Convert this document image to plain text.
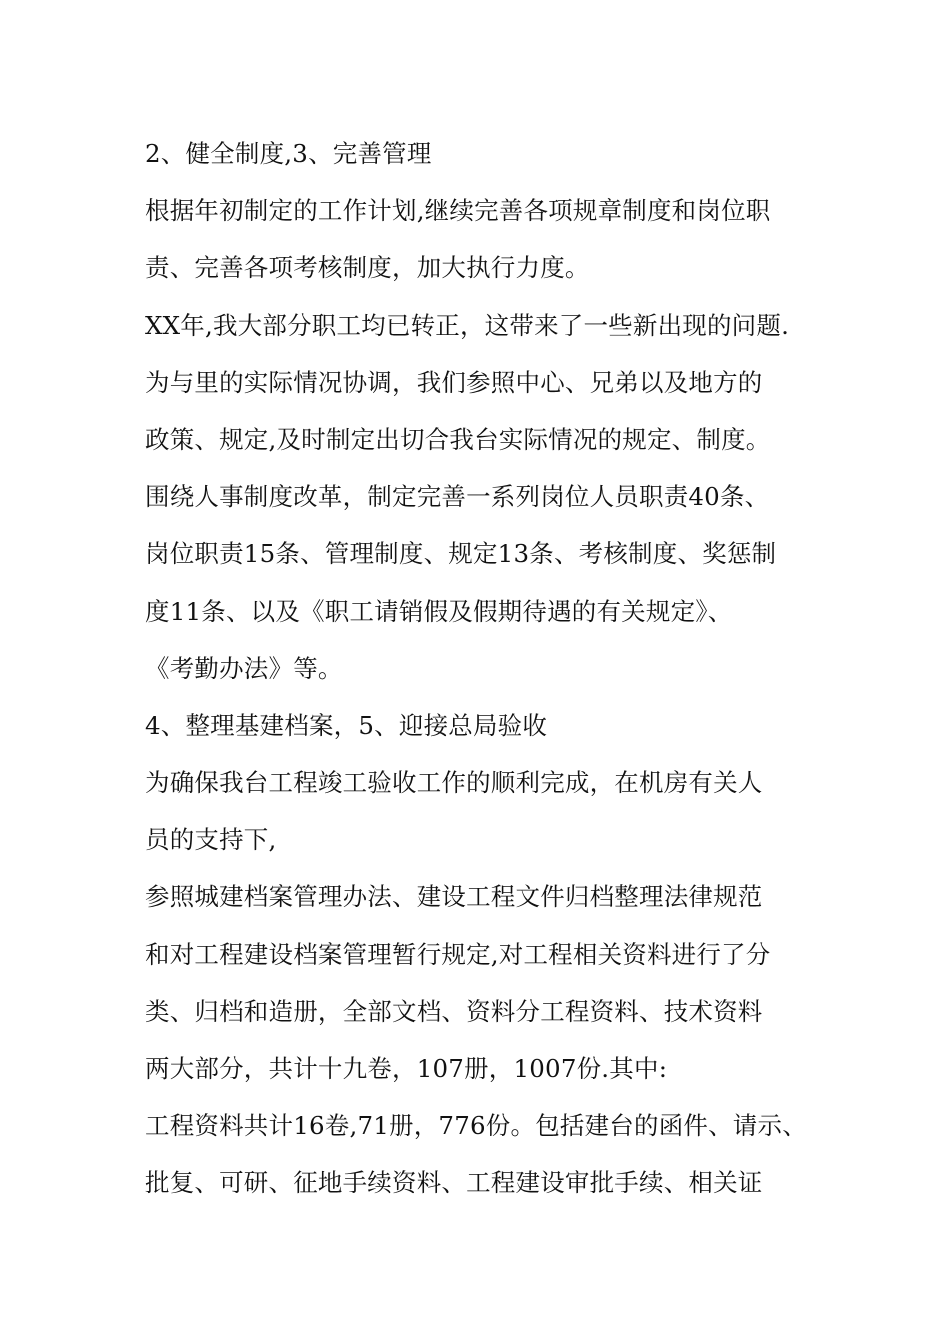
2、健全制度,3、完善管理
根据年初制定的工作计划,继续完善各项规章制度和岗位职
责、完善各项考核制度，加大执行力度。
XX年,我大部分职工均已转正，这带来了一些新出现的问题.
为与里的实际情况协调，我们参照中心、兄弟以及地方的
政策、规定,及时制定出切合我台实际情况的规定、制度。
围绕人事制度改革，制定完善一系列岗位人员职责40条、
岗位职责15条、管理制度、规定13条、考核制度、奖惩制
度11条、以及《职工请销假及假期待遇的有关规定》、
《考勤办法》等。
4、整理基建档案，5、迎接总局验收
为确保我台工程竣工验收工作的顺利完成，在机房有关人
员的支持下,
参照城建档案管理办法、建设工程文件归档整理法律规范
和对工程建设档案管理暂行规定,对工程相关资料进行了分
类、归档和造册，全部文档、资料分工程资料、技术资料
两大部分，共计十九卷，107册，1007份.其中:
工程资料共计16卷,71册，776份。包括建台的函件、请示、
批复、可研、征地手续资料、工程建设审批手续、相关证
